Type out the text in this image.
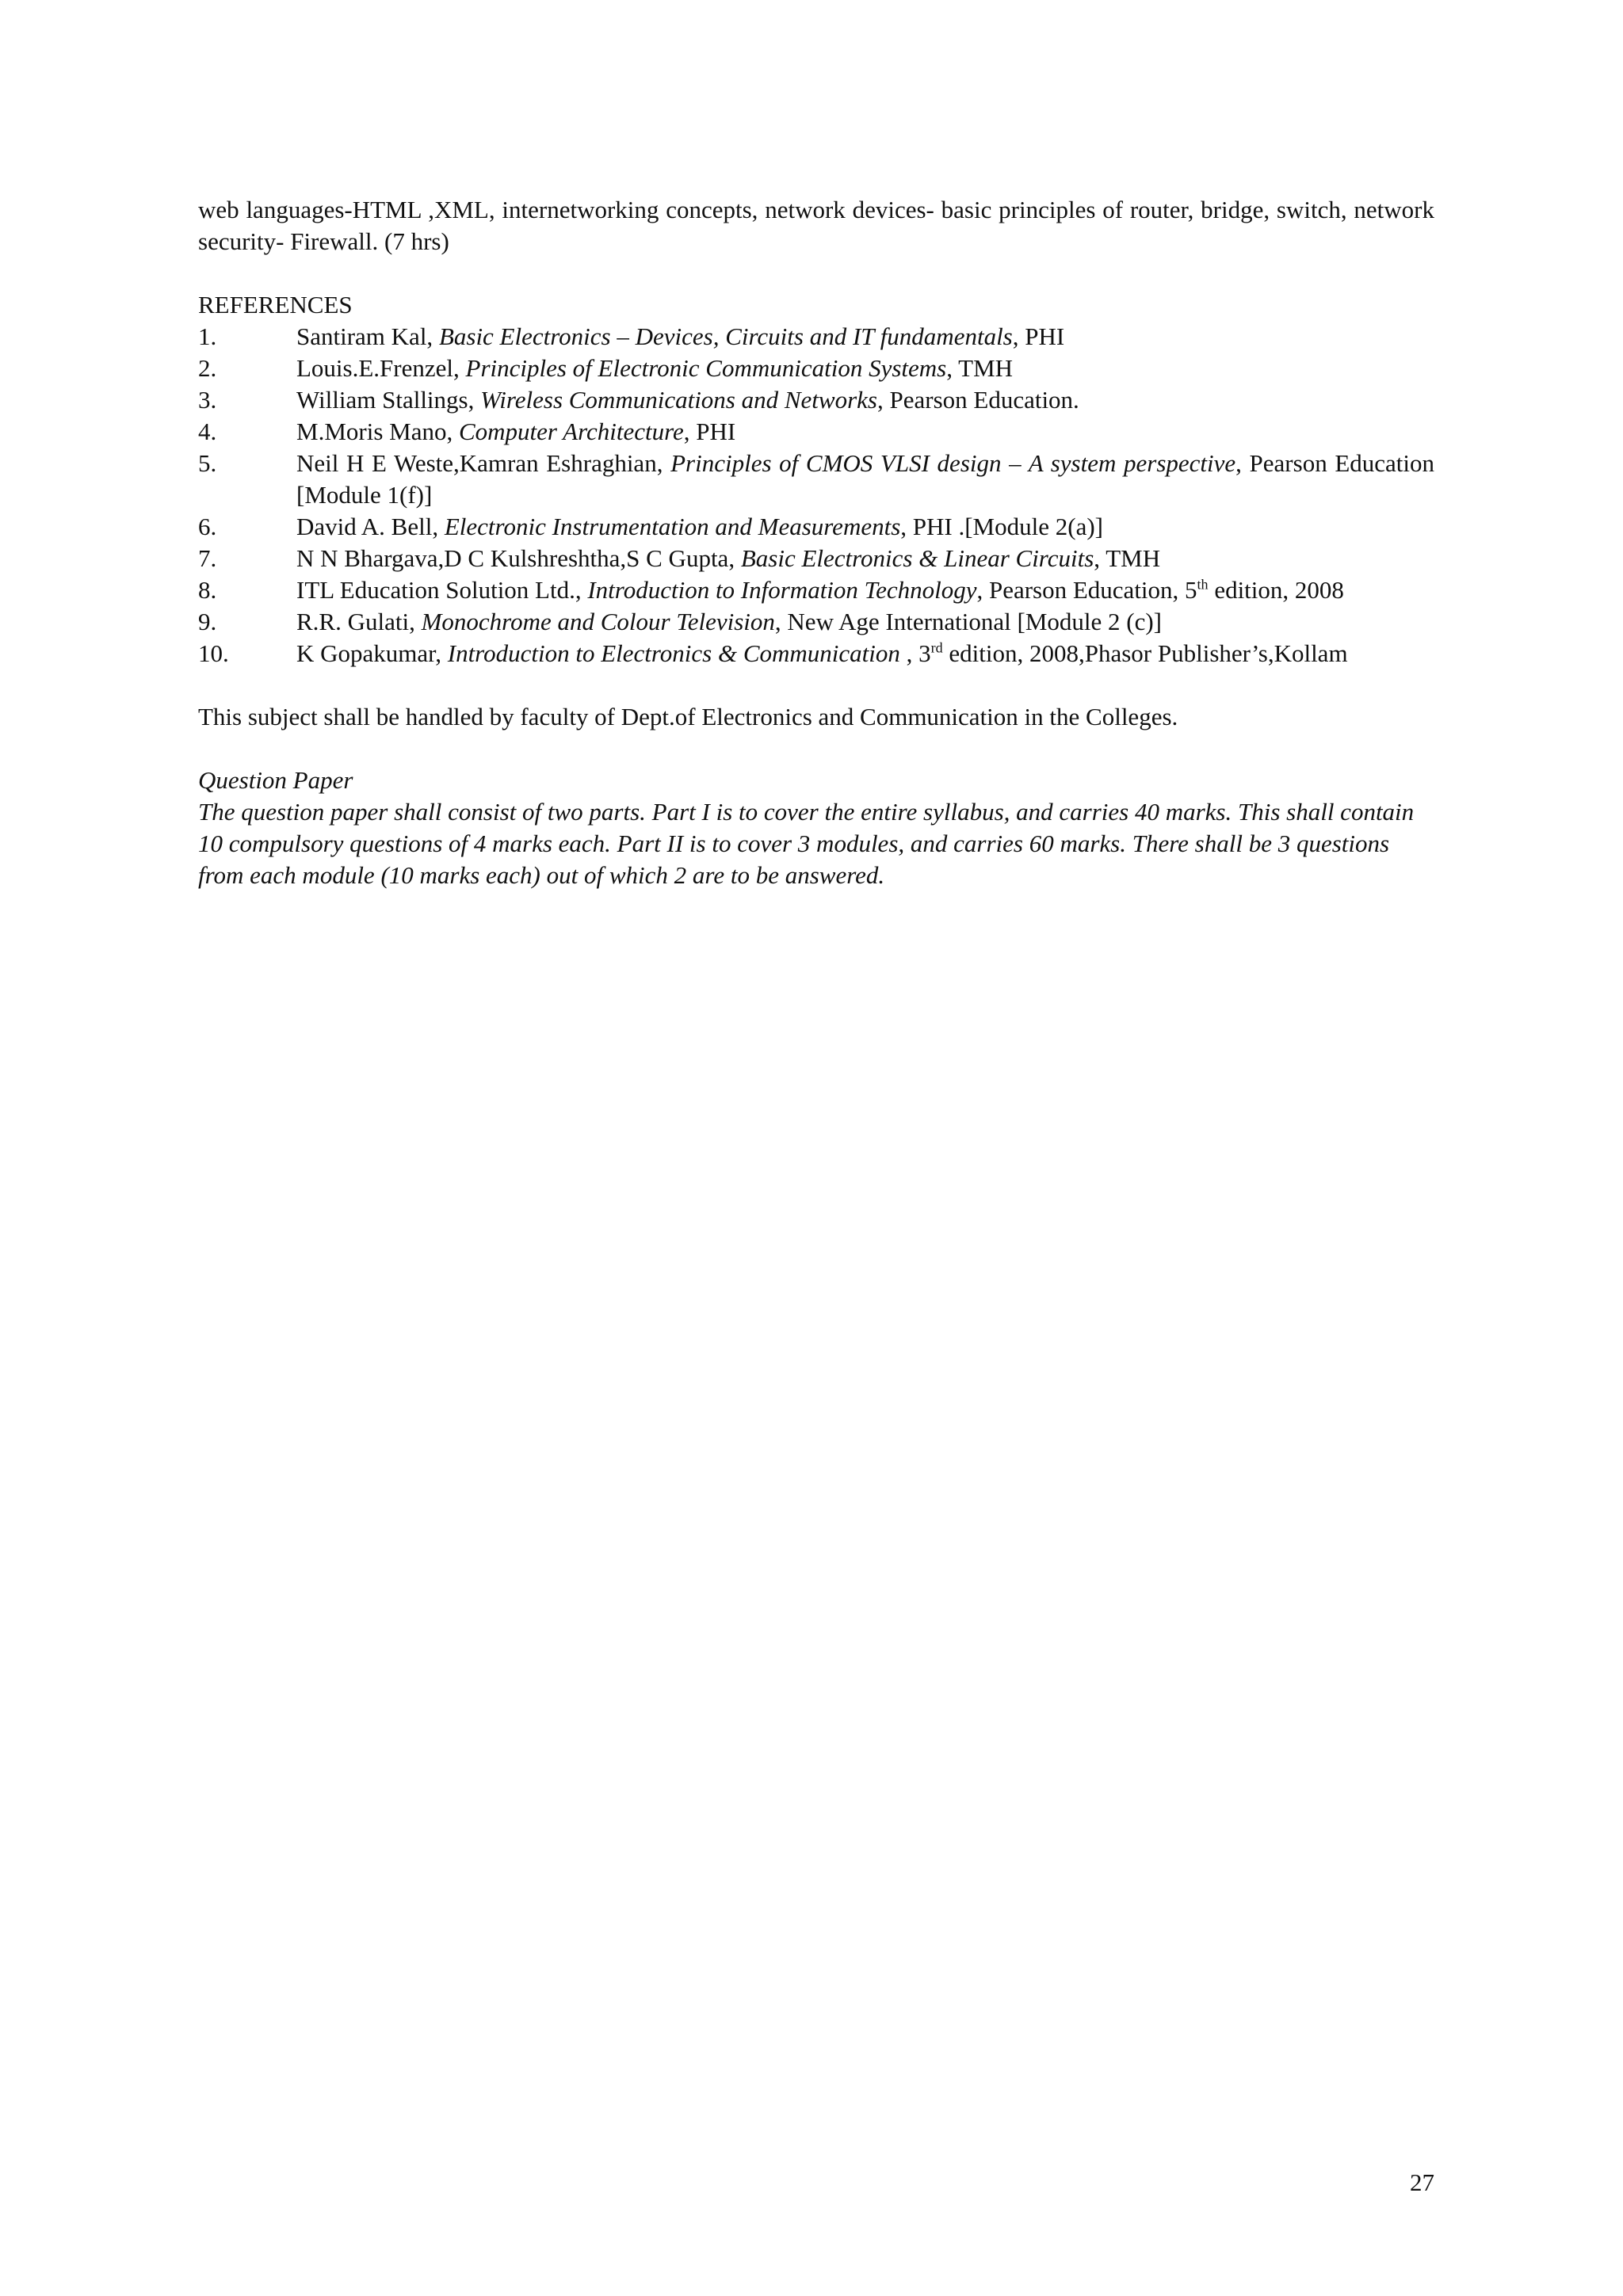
web languages-HTML ,XML, internetworking concepts, network devices- basic principles of router, bridge, switch, network security- Firewall. (7 hrs)

REFERENCES

1.	Santiram Kal, Basic Electronics – Devices, Circuits and IT fundamentals, PHI
2.	Louis.E.Frenzel, Principles of Electronic Communication Systems, TMH
3.	William Stallings, Wireless Communications and Networks, Pearson Education.
4.	M.Moris Mano, Computer Architecture, PHI
5.	Neil H E Weste,Kamran Eshraghian, Principles of CMOS VLSI design – A system perspective, Pearson Education [Module 1(f)]
6.	David A. Bell, Electronic Instrumentation and Measurements, PHI .[Module 2(a)]
7.	N N Bhargava,D C Kulshreshtha,S C Gupta, Basic Electronics & Linear Circuits, TMH
8.	ITL Education Solution Ltd., Introduction to Information Technology, Pearson Education, 5th edition, 2008
9.	R.R. Gulati, Monochrome and Colour Television, New Age International [Module 2 (c)]
10.	K Gopakumar, Introduction to Electronics & Communication , 3rd edition, 2008,Phasor Publisher’s,Kollam

This subject shall be handled by faculty of Dept.of Electronics and Communication in the Colleges.

Question Paper

The question paper shall consist of two parts. Part I is to cover the entire syllabus, and carries 40 marks. This shall contain 10 compulsory questions of 4 marks each. Part II is to cover 3 modules, and carries 60 marks. There shall be 3 questions from each module (10 marks each) out of which 2 are to be answered.

27
